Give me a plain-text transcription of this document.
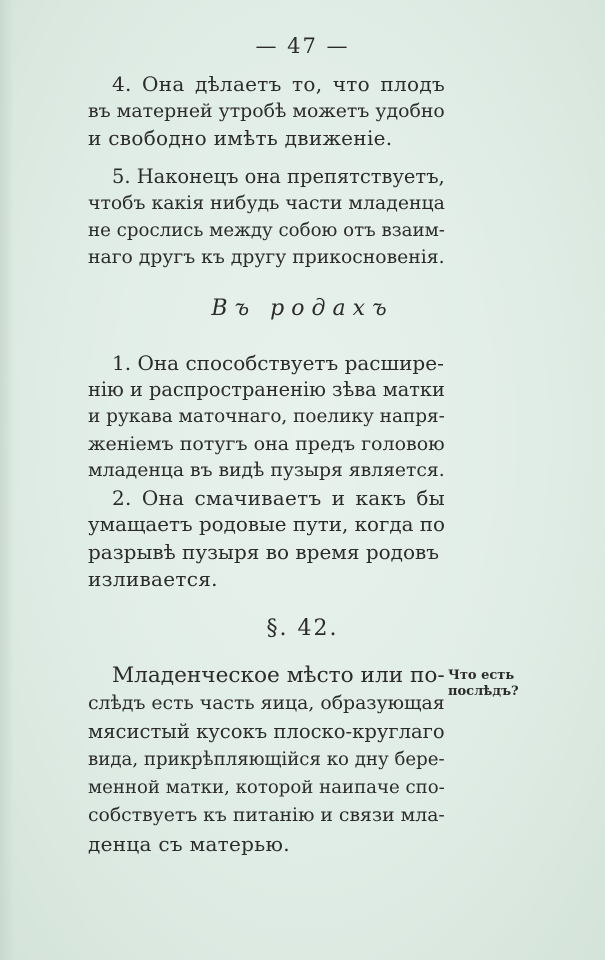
— 47 —
4. Она дѣлаетъ то, что плодъ
въ матерней утробѣ можетъ удобно
и свободно имѣть движеніе.
5. Наконецъ она препятствуетъ,
чтобъ какія нибудь части младенца
не срослись между собою отъ взаим-
наго другъ къ другу прикосновенія.
Въ родахъ
1. Она способствуетъ расшире-
нію и распространенію зѣва матки
и рукава маточнаго, поелику напря-
женіемъ потугъ она предъ головою
младенца въ видѣ пузыря является.
2. Она смачиваетъ и какъ бы
умащаетъ родовые пути, когда по
разрывѣ пузыря во время родовъ
изливается.
§. 42.
Младенческое мѣсто или по-
слѣдъ есть часть яица, образующая
мясистый кусокъ плоско-круглаго
вида, прикрѣпляющійся ко дну бере-
менной матки, которой наипаче спо-
собствуетъ къ питанію и связи мла-
денца съ матерью.
Что есть
послѣдъ?
